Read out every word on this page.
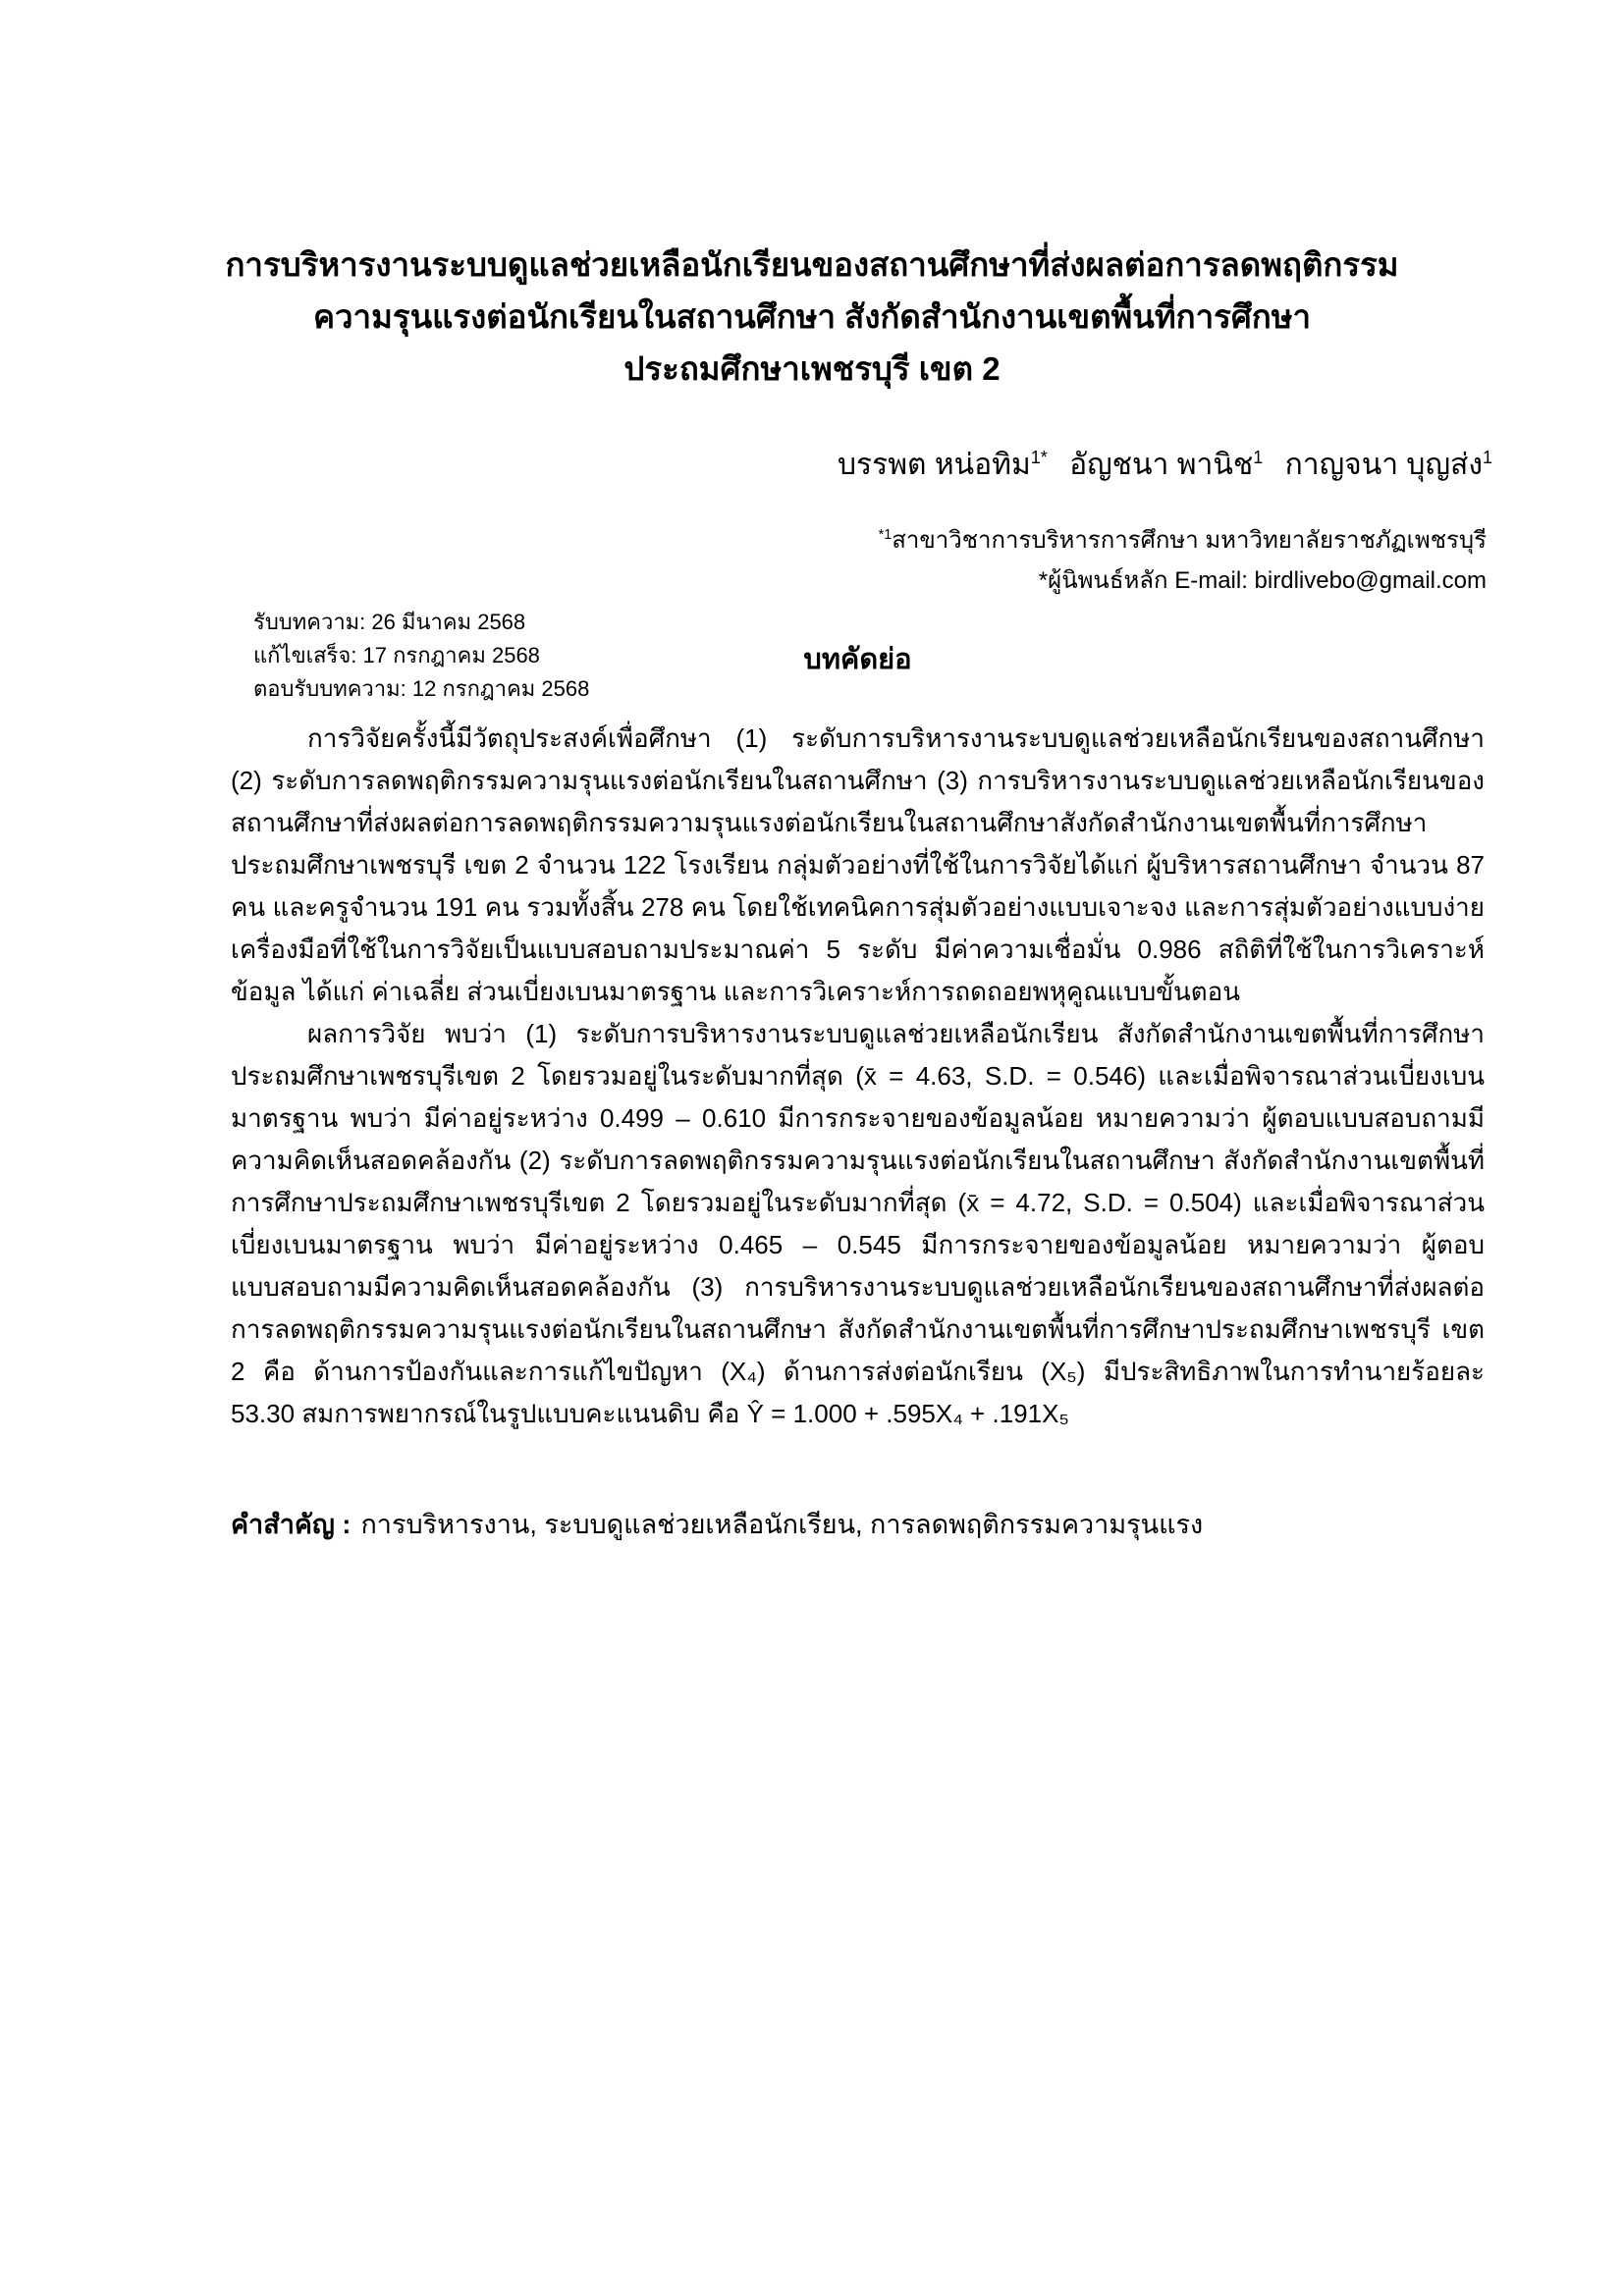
การบริหารงานระบบดูแลช่วยเหลือนักเรียนของสถานศึกษาที่ส่งผลต่อการลดพฤติกรรม
ความรุนแรงต่อนักเรียนในสถานศึกษา สังกัดสำนักงานเขตพื้นที่การศึกษา
ประถมศึกษาเพชรบุรี เขต 2
บรรพต หน่อทิม$^{1*}$ อัญชนา พานิช$^1$ กาญจนา บุญส่ง$^1$
$^{*1}$สาขาวิชาการบริหารการศึกษา มหาวิทยาลัยราชภัฏเพชรบุรี
*ผู้นิพนธ์หลัก E-mail: birdlivebo@gmail.com
รับบทความ: 26 มีนาคม 2568
แก้ไขเสร็จ: 17 กรกฎาคม 2568
ตอบรับบทความ: 12 กรกฎาคม 2568
บทคัดย่อ

การวิจัยครั้งนี้มีวัตถุประสงค์เพื่อศึกษา (1) ระดับการบริหารงานระบบดูแลช่วยเหลือนักเรียนของสถานศึกษา (2) ระดับการลดพฤติกรรมความรุนแรงต่อนักเรียนในสถานศึกษา (3) การบริหารงานระบบดูแลช่วยเหลือนักเรียนของสถานศึกษาที่ส่งผลต่อการลดพฤติกรรมความรุนแรงต่อนักเรียนในสถานศึกษาสังกัดสำนักงานเขตพื้นที่การศึกษาประถมศึกษาเพชรบุรี เขต 2 จำนวน 122 โรงเรียน กลุ่มตัวอย่างที่ใช้ในการวิจัยได้แก่ ผู้บริหารสถานศึกษา จำนวน 87 คน และครูจำนวน 191 คน รวมทั้งสิ้น 278 คน โดยใช้เทคนิคการสุ่มตัวอย่างแบบเจาะจง และการสุ่มตัวอย่างแบบง่าย เครื่องมือที่ใช้ในการวิจัยเป็นแบบสอบถามประมาณค่า 5 ระดับ มีค่าความเชื่อมั่น 0.986 สถิติที่ใช้ในการวิเคราะห์ข้อมูล ได้แก่ ค่าเฉลี่ย ส่วนเบี่ยงเบนมาตรฐาน และการวิเคราะห์การถดถอยพหุคูณแบบขั้นตอน

ผลการวิจัย พบว่า (1) ระดับการบริหารงานระบบดูแลช่วยเหลือนักเรียน สังกัดสำนักงานเขตพื้นที่การศึกษาประถมศึกษาเพชรบุรีเขต 2 โดยรวมอยู่ในระดับมากที่สุด (x̄ = 4.63, S.D. = 0.546) และเมื่อพิจารณาส่วนเบี่ยงเบนมาตรฐาน พบว่า มีค่าอยู่ระหว่าง 0.499 – 0.610 มีการกระจายของข้อมูลน้อย หมายความว่า ผู้ตอบแบบสอบถามมีความคิดเห็นสอดคล้องกัน (2) ระดับการลดพฤติกรรมความรุนแรงต่อนักเรียนในสถานศึกษา สังกัดสำนักงานเขตพื้นที่การศึกษาประถมศึกษาเพชรบุรีเขต 2 โดยรวมอยู่ในระดับมากที่สุด (x̄ = 4.72, S.D. = 0.504) และเมื่อพิจารณาส่วนเบี่ยงเบนมาตรฐาน พบว่า มีค่าอยู่ระหว่าง 0.465 – 0.545 มีการกระจายของข้อมูลน้อย หมายความว่า ผู้ตอบแบบสอบถามมีความคิดเห็นสอดคล้องกัน (3) การบริหารงานระบบดูแลช่วยเหลือนักเรียนของสถานศึกษาที่ส่งผลต่อการลดพฤติกรรมความรุนแรงต่อนักเรียนในสถานศึกษา สังกัดสำนักงานเขตพื้นที่การศึกษาประถมศึกษาเพชรบุรี เขต 2 คือ ด้านการป้องกันและการแก้ไขปัญหา (X₄) ด้านการส่งต่อนักเรียน (X₅) มีประสิทธิภาพในการทำนายร้อยละ 53.30 สมการพยากรณ์ในรูปแบบคะแนนดิบ คือ Ŷ = 1.000 + .595X₄ + .191X₅

คำสำคัญ : การบริหารงาน, ระบบดูแลช่วยเหลือนักเรียน, การลดพฤติกรรมความรุนแรง
